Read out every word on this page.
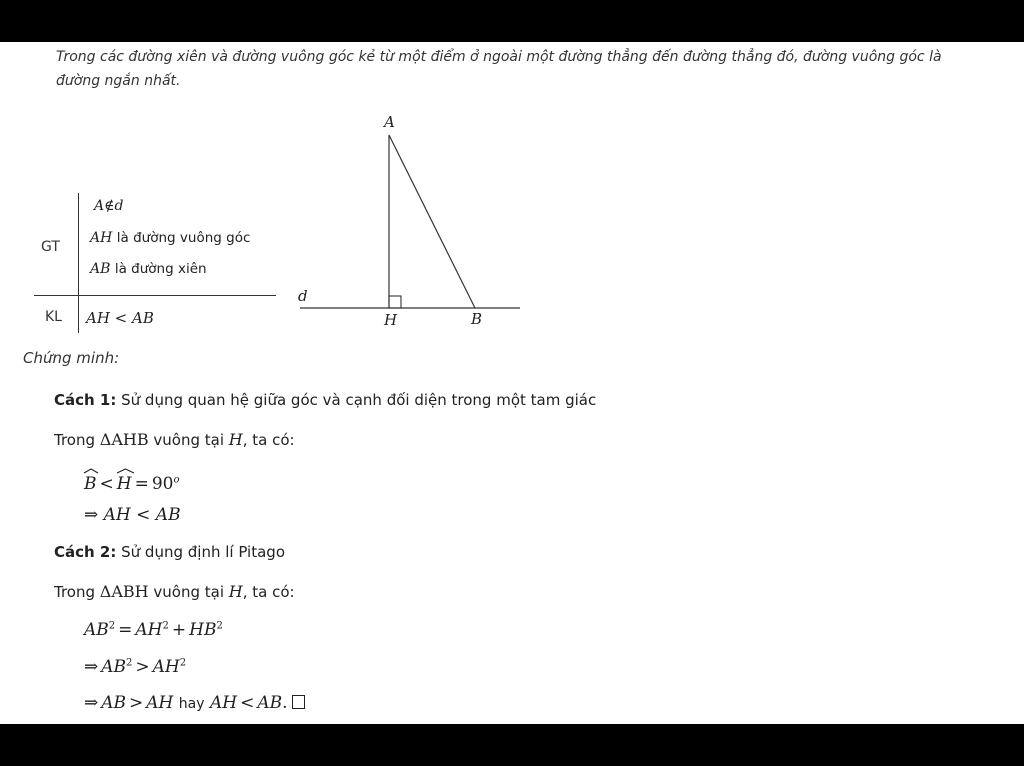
Trong các đường xiên và đường vuông góc kẻ từ một điểm ở ngoài một đường thẳng đến đường thẳng đó, đường vuông góc là đường ngắn nhất.
GT
KL
A∉d
AH là đường vuông góc
AB là đường xiên
AH < AB
A
d
H	B
Chứng minh:
Cách 1: Sử dụng quan hệ giữa góc và cạnh đối diện trong một tam giác
Trong ΔAHB vuông tại H, ta có:
$B < H = 90^o$
⇒ AH < AB
Cách 2: Sử dụng định lí Pitago
Trong ΔABH vuông tại H, ta có:
$AB^2 = AH^2 + HB^2$
⇒ $AB^2 > AH^2$
⇒ AB > AH hay AH < AB.
